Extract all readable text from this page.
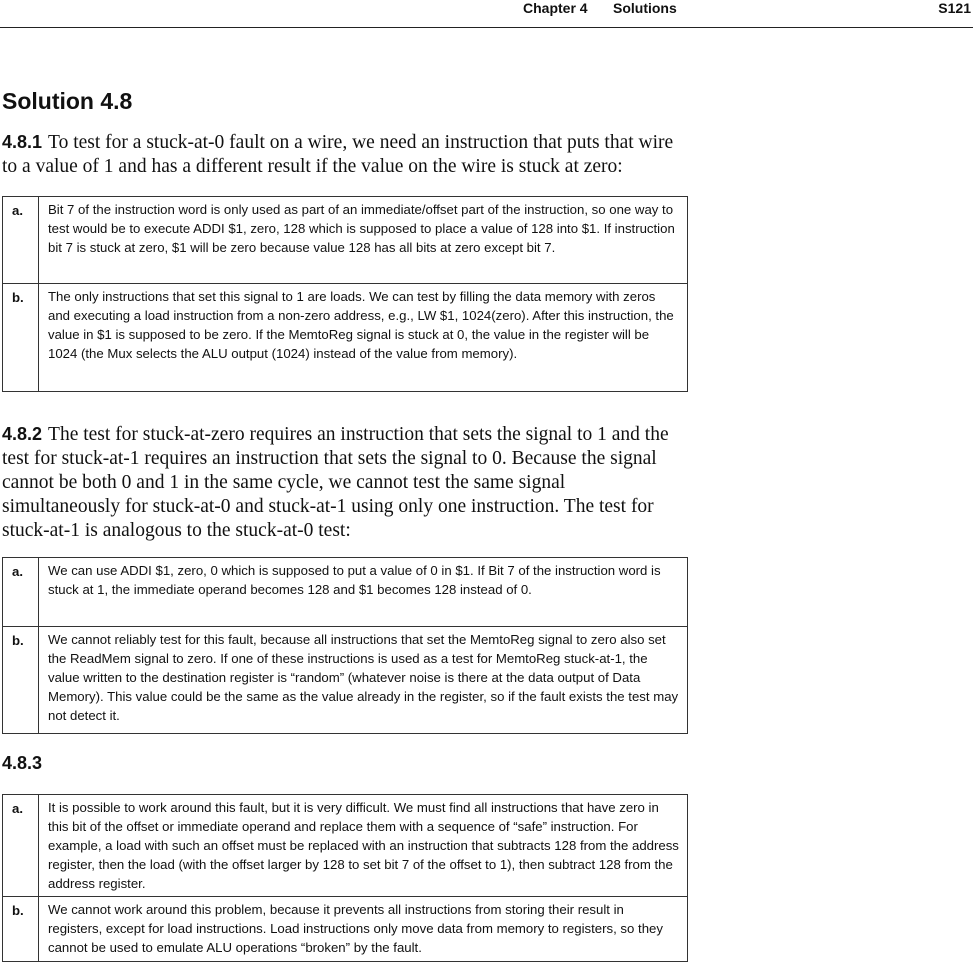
Chapter 4 Solutions	S121
Solution 4.8

4.8.1 To test for a stuck-at-0 fault on a wire, we need an instruction that puts that wire to a value of 1 and has a different result if the value on the wire is stuck at zero:

a.	Bit 7 of the instruction word is only used as part of an immediate/offset part of the instruction, so one way to test would be to execute ADDI $1, zero, 128 which is supposed to place a value of 128 into $1. If instruction bit 7 is stuck at zero, $1 will be zero because value 128 has all bits at zero except bit 7.
b.	The only instructions that set this signal to 1 are loads. We can test by filling the data memory with zeros and executing a load instruction from a non-zero address, e.g., LW $1, 1024(zero). After this instruction, the value in $1 is supposed to be zero. If the MemtoReg signal is stuck at 0, the value in the register will be 1024 (the Mux selects the ALU output (1024) instead of the value from memory).

4.8.2 The test for stuck-at-zero requires an instruction that sets the signal to 1 and the test for stuck-at-1 requires an instruction that sets the signal to 0. Because the signal cannot be both 0 and 1 in the same cycle, we cannot test the same signal simultaneously for stuck-at-0 and stuck-at-1 using only one instruction. The test for stuck-at-1 is analogous to the stuck-at-0 test:

a.	We can use ADDI $1, zero, 0 which is supposed to put a value of 0 in $1. If Bit 7 of the instruction word is stuck at 1, the immediate operand becomes 128 and $1 becomes 128 instead of 0.
b.	We cannot reliably test for this fault, because all instructions that set the MemtoReg signal to zero also set the ReadMem signal to zero. If one of these instructions is used as a test for MemtoReg stuck-at-1, the value written to the destination register is “random” (whatever noise is there at the data output of Data Memory). This value could be the same as the value already in the register, so if the fault exists the test may not detect it.

4.8.3

a.	It is possible to work around this fault, but it is very difficult. We must find all instructions that have zero in this bit of the offset or immediate operand and replace them with a sequence of “safe” instruction. For example, a load with such an offset must be replaced with an instruction that subtracts 128 from the address register, then the load (with the offset larger by 128 to set bit 7 of the offset to 1), then subtract 128 from the address register.
b.	We cannot work around this problem, because it prevents all instructions from storing their result in registers, except for load instructions. Load instructions only move data from memory to registers, so they cannot be used to emulate ALU operations “broken” by the fault.
